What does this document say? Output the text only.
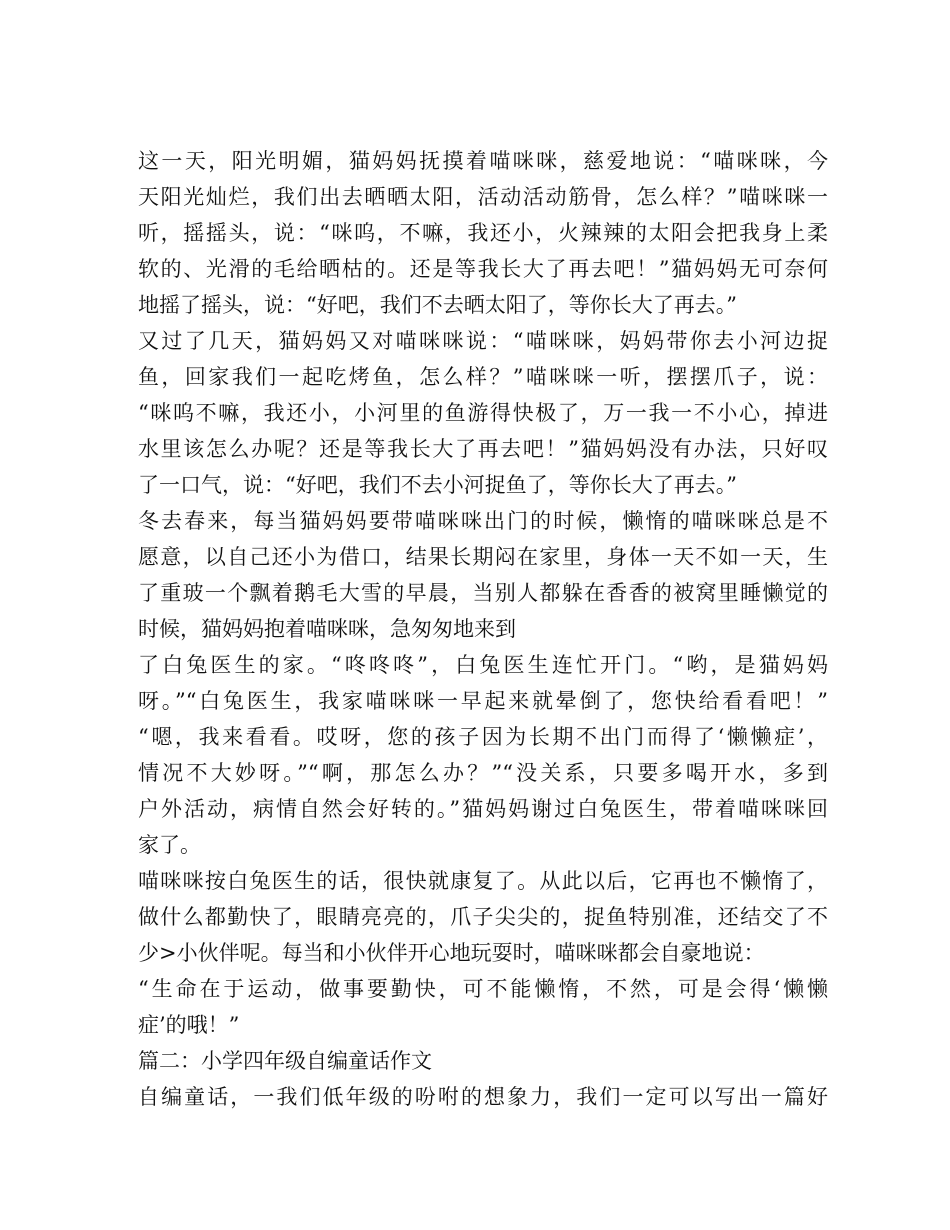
这一天，阳光明媚，猫妈妈抚摸着喵咪咪，慈爱地说：“喵咪咪，今
天阳光灿烂，我们出去晒晒太阳，活动活动筋骨，怎么样？”喵咪咪一
听，摇摇头，说：“咪呜，不嘛，我还小，火辣辣的太阳会把我身上柔
软的、光滑的毛给晒枯的。还是等我长大了再去吧！”猫妈妈无可奈何
地摇了摇头，说：“好吧，我们不去晒太阳了，等你长大了再去。”
又过了几天，猫妈妈又对喵咪咪说：“喵咪咪，妈妈带你去小河边捉
鱼，回家我们一起吃烤鱼，怎么样？”喵咪咪一听，摆摆爪子，说：
“咪呜不嘛，我还小，小河里的鱼游得快极了，万一我一不小心，掉进
水里该怎么办呢？还是等我长大了再去吧！”猫妈妈没有办法，只好叹
了一口气，说：“好吧，我们不去小河捉鱼了，等你长大了再去。”
冬去春来，每当猫妈妈要带喵咪咪出门的时候，懒惰的喵咪咪总是不
愿意，以自己还小为借口，结果长期闷在家里，身体一天不如一天，生
了重玻一个飘着鹅毛大雪的早晨，当别人都躲在香香的被窝里睡懒觉的
时候，猫妈妈抱着喵咪咪，急匆匆地来到
了白兔医生的家。“咚咚咚”，白兔医生连忙开门。“哟，是猫妈妈
呀。”“白兔医生，我家喵咪咪一早起来就晕倒了，您快给看看吧！”
“嗯，我来看看。哎呀，您的孩子因为长期不出门而得了‘懒懒症’，
情况不大妙呀。”“啊，那怎么办？”“没关系，只要多喝开水，多到
户外活动，病情自然会好转的。”猫妈妈谢过白兔医生，带着喵咪咪回
家了。
喵咪咪按白兔医生的话，很快就康复了。从此以后，它再也不懒惰了，
做什么都勤快了，眼睛亮亮的，爪子尖尖的，捉鱼特别准，还结交了不
少>小伙伴呢。每当和小伙伴开心地玩耍时，喵咪咪都会自豪地说：
“生命在于运动，做事要勤快，可不能懒惰，不然，可是会得‘懒懒
症’的哦！”
篇二：小学四年级自编童话作文
自编童话，一我们低年级的吩咐的想象力，我们一定可以写出一篇好
